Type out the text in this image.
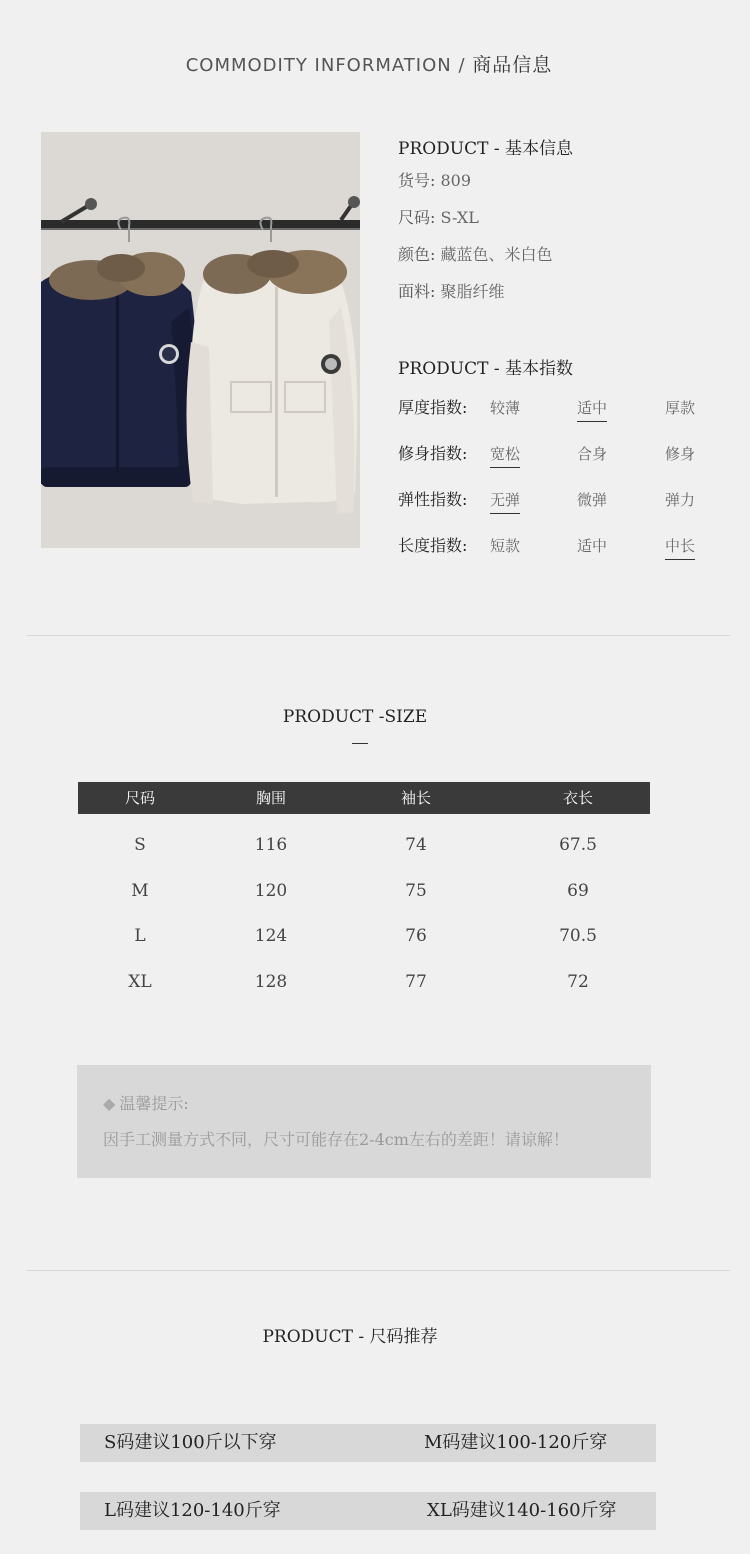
COMMODITY INFORMATION / 商品信息
PRODUCT - 基本信息
货号: 809
尺码: S-XL
颜色: 藏蓝色、米白色
面料: 聚脂纤维
PRODUCT - 基本指数
厚度指数: 较薄	适中	厚款
修身指数: 宽松	合身	修身
弹性指数: 无弹	微弹	弹力
长度指数: 短款	适中	中长
PRODUCT -SIZE
尺码	胸围	袖长	衣长
S	116	74	67.5
M	120	75	69
L	124	76	70.5
XL	128	77	72
◆ 温馨提示:
因手工测量方式不同，尺寸可能存在2-4cm左右的差距！请谅解！
PRODUCT - 尺码推荐
S码建议100斤以下穿	M码建议100-120斤穿
L码建议120-140斤穿	XL码建议140-160斤穿
